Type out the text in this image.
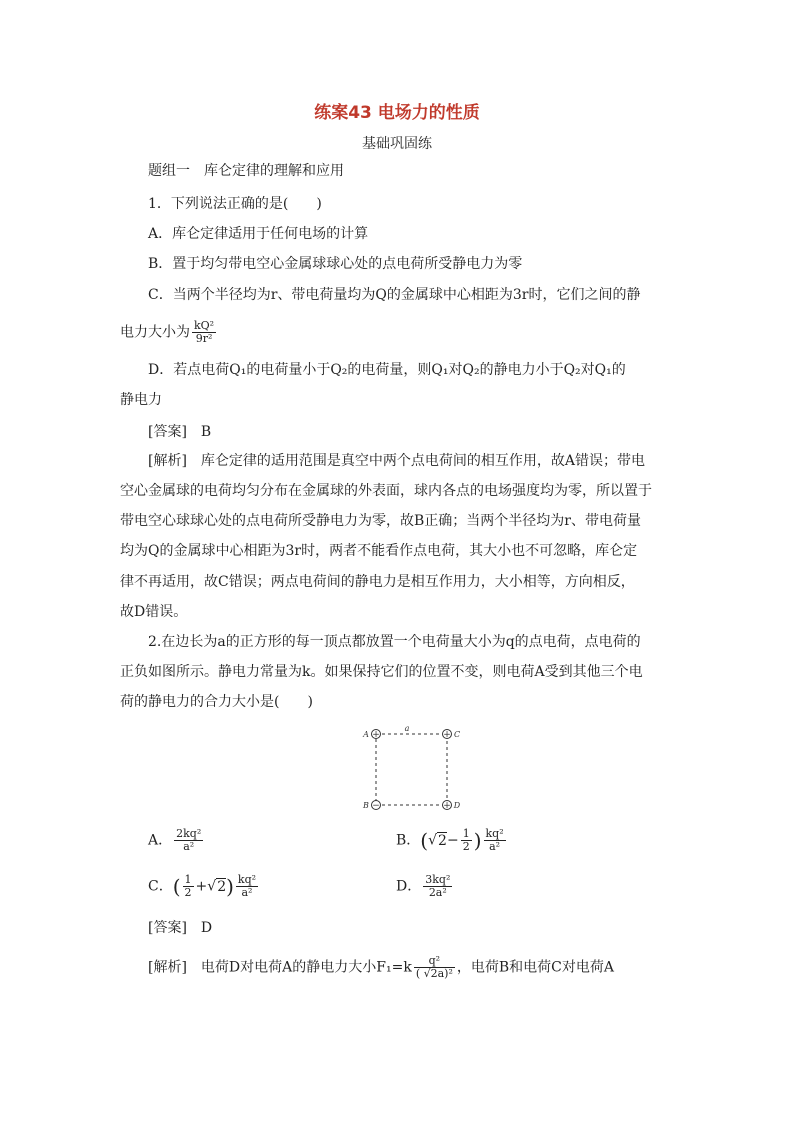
练案43 电场力的性质
基础巩固练
题组一　库仑定律的理解和应用
1．下列说法正确的是(　　)
A．库仑定律适用于任何电场的计算
B．置于均匀带电空心金属球球心处的点电荷所受静电力为零
C．当两个半径均为r、带电荷量均为Q的金属球中心相距为3r时，它们之间的静
电力大小为 $\frac{\text{kQ²}}{\text{9r²}}$
D．若点电荷Q₁的电荷量小于Q₂的电荷量，则Q₁对Q₂的静电力小于Q₂对Q₁的
静电力
[答案]　B
[解析]　库仑定律的适用范围是真空中两个点电荷间的相互作用，故A错误；带电
空心金属球的电荷均匀分布在金属球的外表面，球内各点的电场强度均为零，所以置于
带电空心球球心处的点电荷所受静电力为零，故B正确；当两个半径均为r、带电荷量
均为Q的金属球中心相距为3r时，两者不能看作点电荷，其大小也不可忽略，库仑定
律不再适用，故C错误；两点电荷间的静电力是相互作用力，大小相等，方向相反，
故D错误。
2.在边长为a的正方形的每一顶点都放置一个电荷量大小为q的点电荷，点电荷的
正负如图所示。静电力常量为k。如果保持它们的位置不变，则电荷A受到其他三个电
荷的静电力的合力大小是(　　)
a
+
A	+ C
−
B	+ D
A． $\frac{\text{2kq²}}{\text{a²}}$	B．($√2- \frac{1}{2}$ ) $\frac{\text{kq²}}{\text{a²}}$
C．( $\frac{1}{2} +√2) \frac{\text{kq²}}{\text{a²}}$	D． $\frac{\text{3kq²}}{\text{2a²}}$
[答案]　D
[解析]　电荷D对电荷A的静电力大小$F_1=k \frac{\text{q²}}{\text{( √2a)²}}$ ，电荷B和电荷C对电荷A
